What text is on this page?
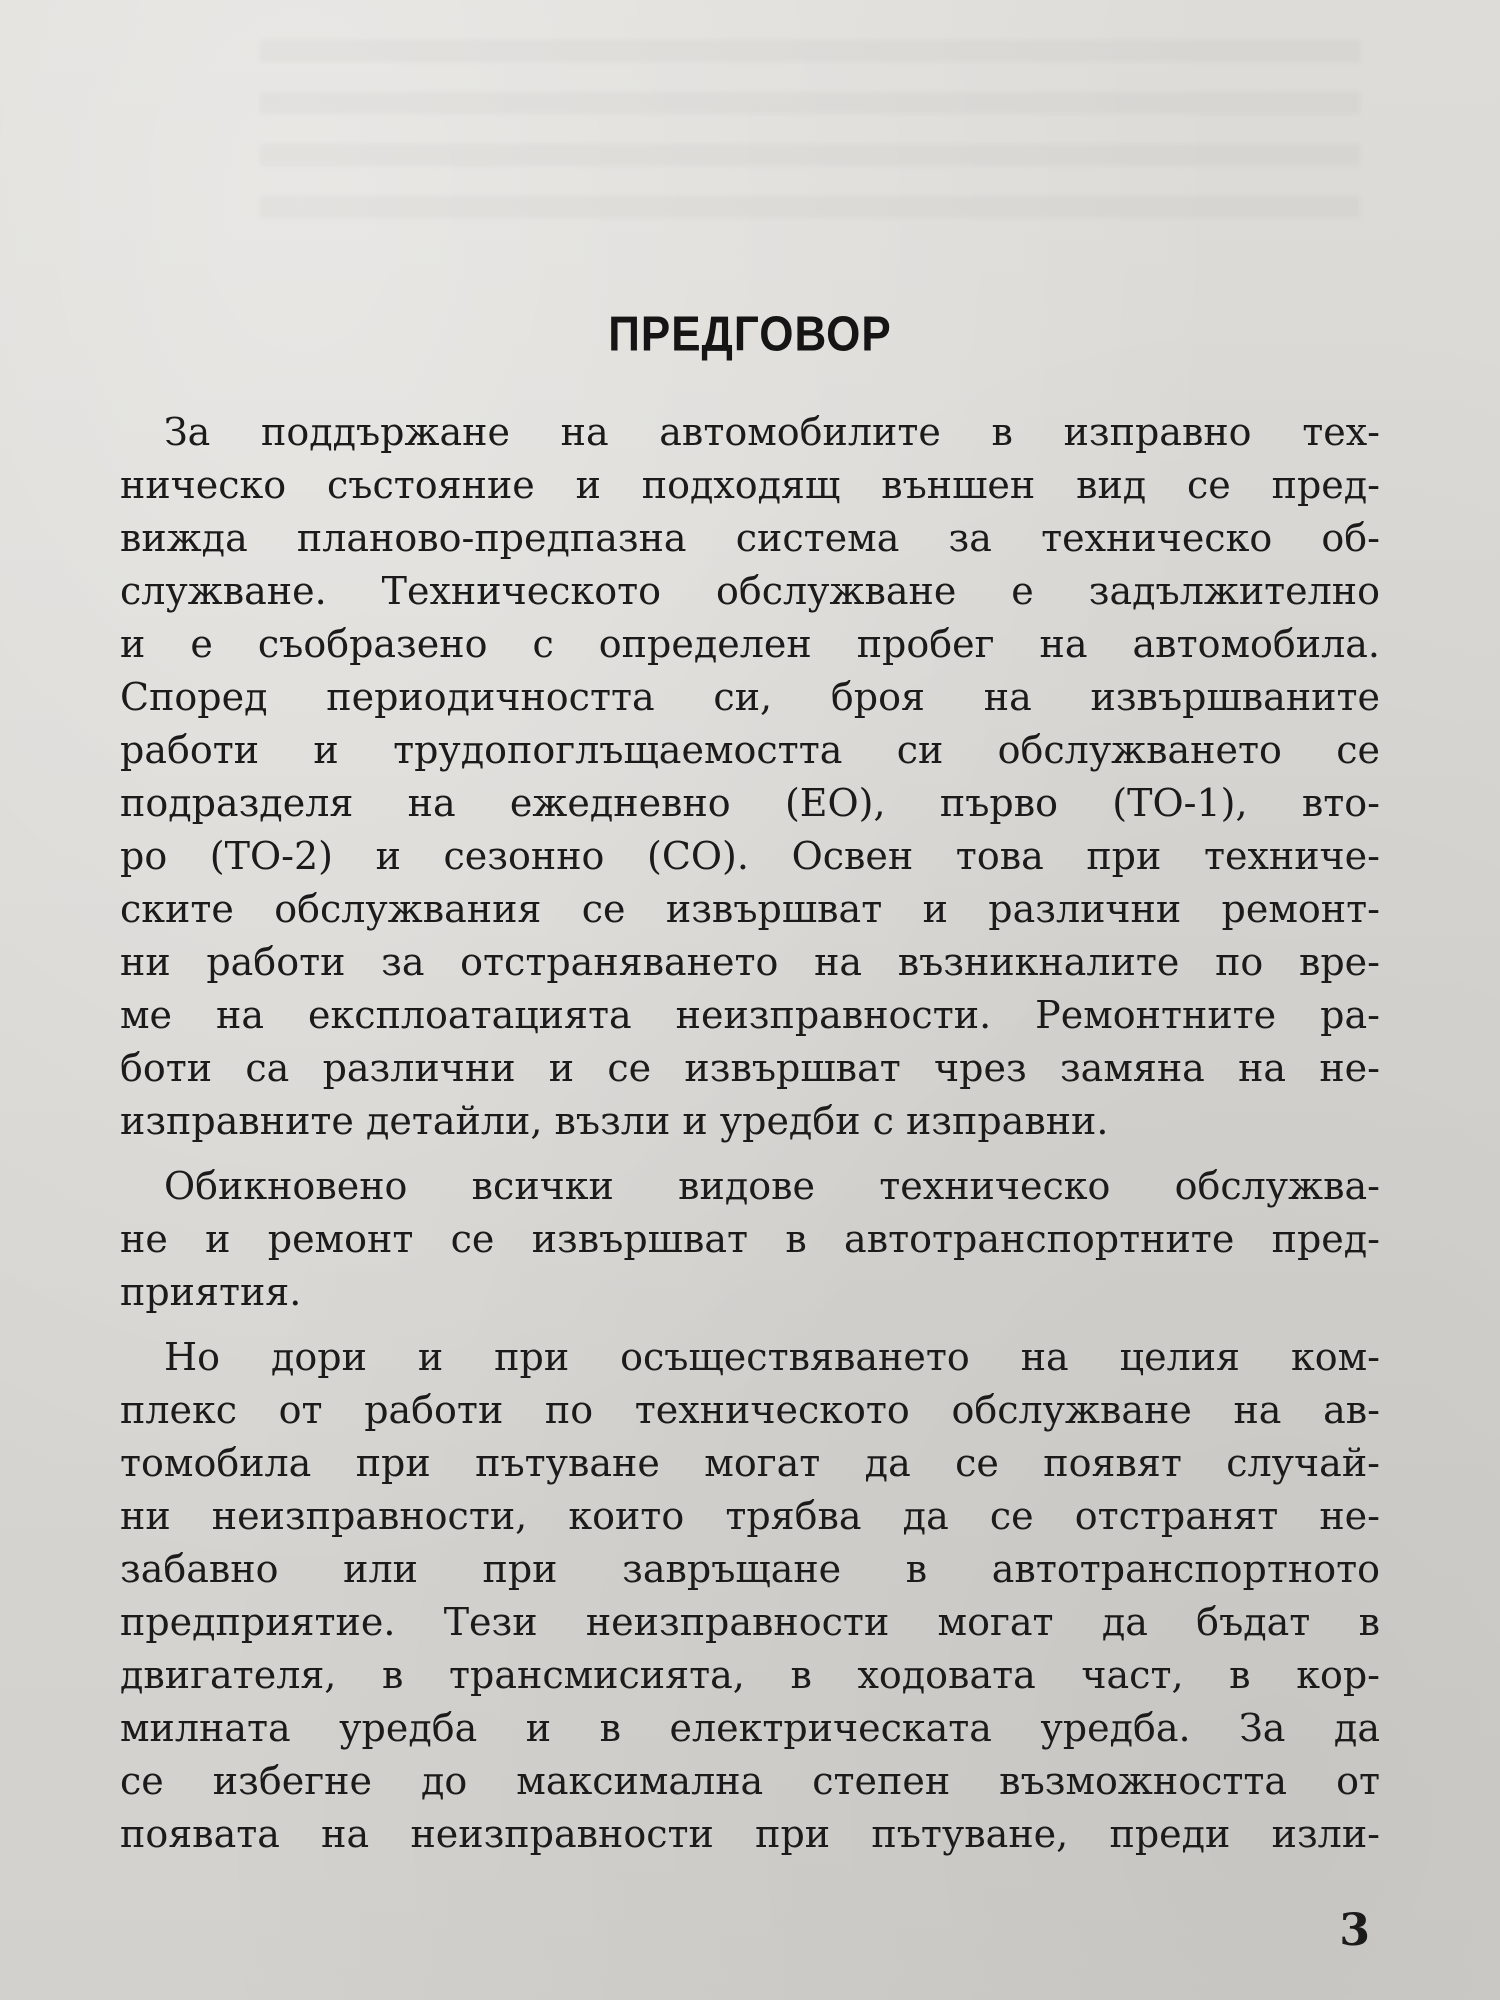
ПРЕДГОВОР
За поддържане на автомобилите в изправно тех-
ническо състояние и подходящ външен вид се пред-
вижда планово-предпазна система за техническо об-
служване. Техническото обслужване е задължително
и е съобразено с определен пробег на автомобила.
Според периодичността си, броя на извършваните
работи и трудопоглъщаемостта си обслужването се
подразделя на ежедневно (ЕО), първо (ТО-1), вто-
ро (ТО-2) и сезонно (СО). Освен това при техниче-
ските обслужвания се извършват и различни ремонт-
ни работи за отстраняването на възникналите по вре-
ме на експлоатацията неизправности. Ремонтните ра-
боти са различни и се извършват чрез замяна на не-
изправните детайли, възли и уредби с изправни.
Обикновено всички видове техническо обслужва-
не и ремонт се извършват в автотранспортните пред-
приятия.
Но дори и при осъществяването на целия ком-
плекс от работи по техническото обслужване на ав-
томобила при пътуване могат да се появят случай-
ни неизправности, които трябва да се отстранят не-
забавно или при завръщане в автотранспортното
предприятие. Тези неизправности могат да бъдат в
двигателя, в трансмисията, в ходовата част, в кор-
милната уредба и в електрическата уредба. За да
се избегне до максимална степен възможността от
появата на неизправности при пътуване, преди изли-
3
